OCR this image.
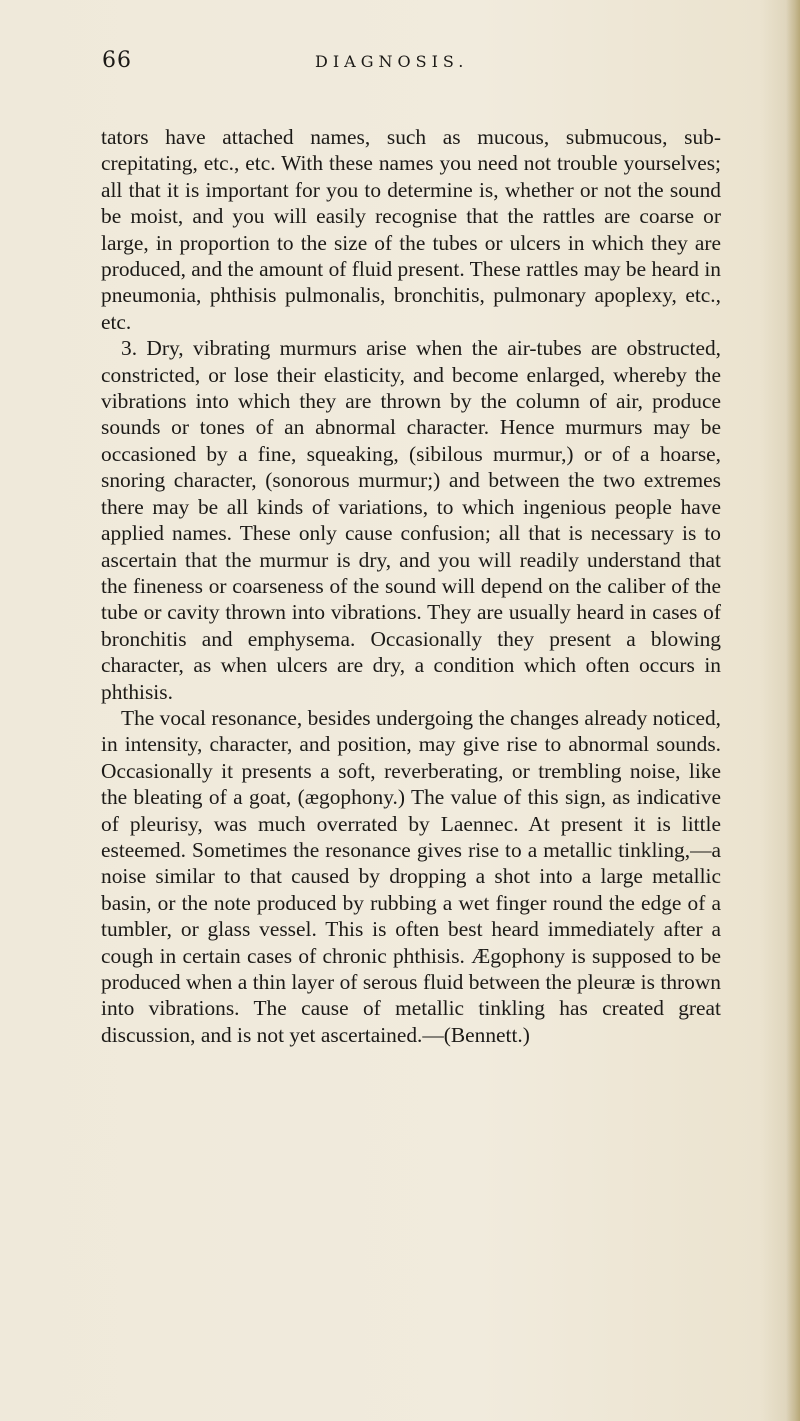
66	DIAGNOSIS.

tators have attached names, such as mucous, submucous, sub-crepitating, etc., etc. With these names you need not trouble yourselves; all that it is important for you to determine is, whether or not the sound be moist, and you will easily recognise that the rattles are coarse or large, in proportion to the size of the tubes or ulcers in which they are produced, and the amount of fluid present. These rattles may be heard in pneumonia, phthisis pulmonalis, bronchitis, pulmonary apoplexy, etc., etc.

3. Dry, vibrating murmurs arise when the air-tubes are obstructed, constricted, or lose their elasticity, and become enlarged, whereby the vibrations into which they are thrown by the column of air, produce sounds or tones of an abnormal character. Hence murmurs may be occasioned by a fine, squeaking, (sibilous murmur,) or of a hoarse, snoring character, (sonorous murmur;) and between the two extremes there may be all kinds of variations, to which ingenious people have applied names. These only cause confusion; all that is necessary is to ascertain that the murmur is dry, and you will readily understand that the fineness or coarseness of the sound will depend on the caliber of the tube or cavity thrown into vibrations. They are usually heard in cases of bronchitis and emphysema. Occasionally they present a blowing character, as when ulcers are dry, a condition which often occurs in phthisis.

The vocal resonance, besides undergoing the changes already noticed, in intensity, character, and position, may give rise to abnormal sounds. Occasionally it presents a soft, reverberating, or trembling noise, like the bleating of a goat, (ægophony.) The value of this sign, as indicative of pleurisy, was much overrated by Laennec. At present it is little esteemed. Sometimes the resonance gives rise to a metallic tinkling,—a noise similar to that caused by dropping a shot into a large metallic basin, or the note produced by rubbing a wet finger round the edge of a tumbler, or glass vessel. This is often best heard immediately after a cough in certain cases of chronic phthisis. Ægophony is supposed to be produced when a thin layer of serous fluid between the pleuræ is thrown into vibrations. The cause of metallic tinkling has created great discussion, and is not yet ascertained.—(Bennett.)
